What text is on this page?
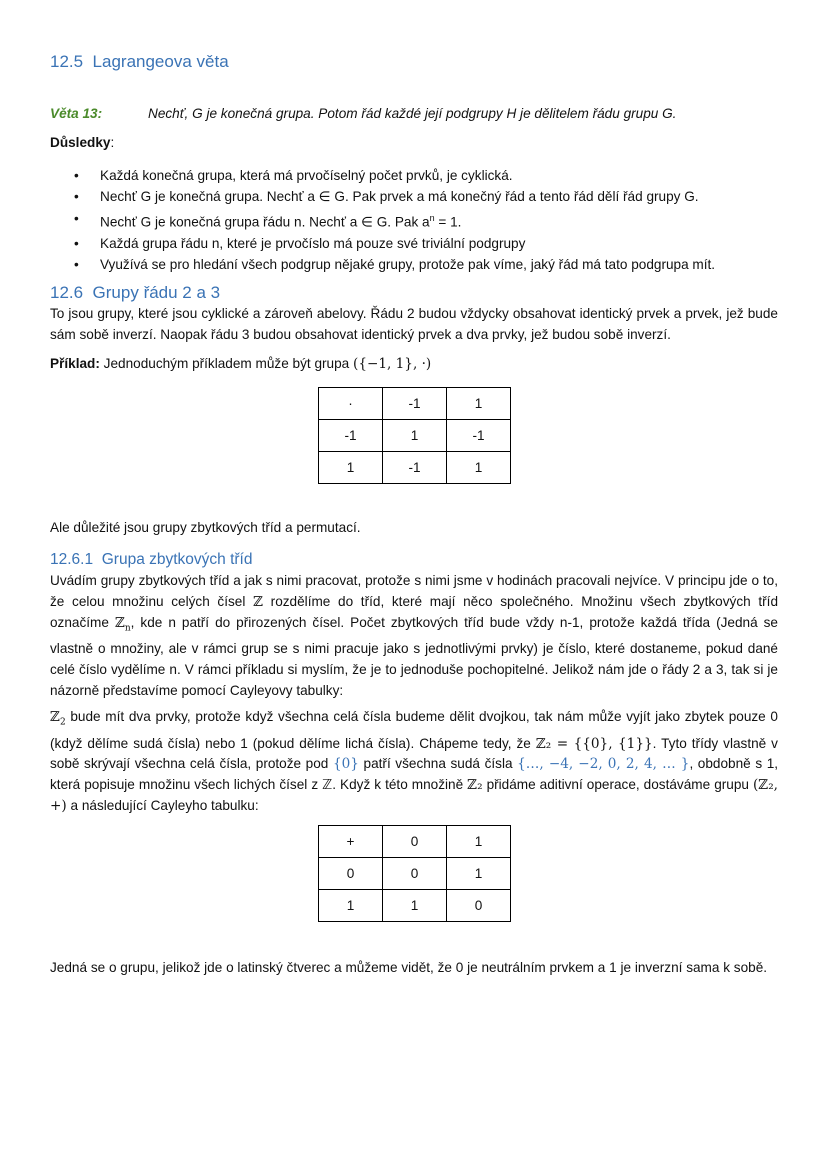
12.5 Lagrangeova věta
Věta 13:	Nechť, G je konečná grupa. Potom řád každé její podgrupy H je dělitelem řádu grupu G.
Důsledky:
• Každá konečná grupa, která má prvočíselný počet prvků, je cyklická.
• Nechť G je konečná grupa. Nechť a ∈ G. Pak prvek a má konečný řád a tento řád dělí řád grupy G.
• Nechť G je konečná grupa řádu n. Nechť a ∈ G. Pak $a^n = 1$.
• Každá grupa řádu n, které je prvočíslo má pouze své triviální podgrupy
• Využívá se pro hledání všech podgrup nějaké grupy, protože pak víme, jaký řád má tato podgrupa mít.
12.6 Grupy řádu 2 a 3

To jsou grupy, které jsou cyklické a zároveň abelovy. Řádu 2 budou vždycky obsahovat identický prvek a prvek, jež bude sám sobě inverzí. Naopak řádu 3 budou obsahovat identický prvek a dva prvky, jež budou sobě inverzí.

Příklad: Jednoduchým příkladem může být grupa ({−1, 1}, ·)
·	-1	1
-1	1	-1
1	-1	1
Ale důležité jsou grupy zbytkových tříd a permutací.
12.6.1 Grupa zbytkových tříd

Uvádím grupy zbytkových tříd a jak s nimi pracovat, protože s nimi jsme v hodinách pracovali nejvíce. V principu jde o to, že celou množinu celých čísel ℤ rozdělíme do tříd, které mají něco společného. Množinu všech zbytkových tříd označíme ℤ$_n$, kde n patří do přirozených čísel. Počet zbytkových tříd bude vždy n-1, protože každá třída (Jedná se vlastně o množiny, ale v rámci grup se s nimi pracuje jako s jednotlivými prvky) je číslo, které dostaneme, pokud dané celé číslo vydělíme n. V rámci příkladu si myslím, že je to jednoduše pochopitelné. Jelikož nám jde o řády 2 a 3, tak si je názorně představíme pomocí Cayleyovy tabulky:

ℤ$_2$ bude mít dva prvky, protože když všechna celá čísla budeme dělit dvojkou, tak nám může vyjít jako zbytek pouze 0 (když dělíme sudá čísla) nebo 1 (pokud dělíme lichá čísla). Chápeme tedy, že ℤ₂ = {{0}, {1}}. Tyto třídy vlastně v sobě skrývají všechna celá čísla, protože pod {0} patří všechna sudá čísla {…, −4, −2, 0, 2, 4, … }, obdobně s 1, která popisuje množinu všech lichých čísel z ℤ. Když k této množině ℤ₂ přidáme aditivní operace, dostáváme grupu (ℤ₂, +) a následující Cayleyho tabulku:

+	0	1
0	0	1
1	1	0
Jedná se o grupu, jelikož jde o latinský čtverec a můžeme vidět, že 0 je neutrálním prvkem a 1 je inverzní sama k sobě.
